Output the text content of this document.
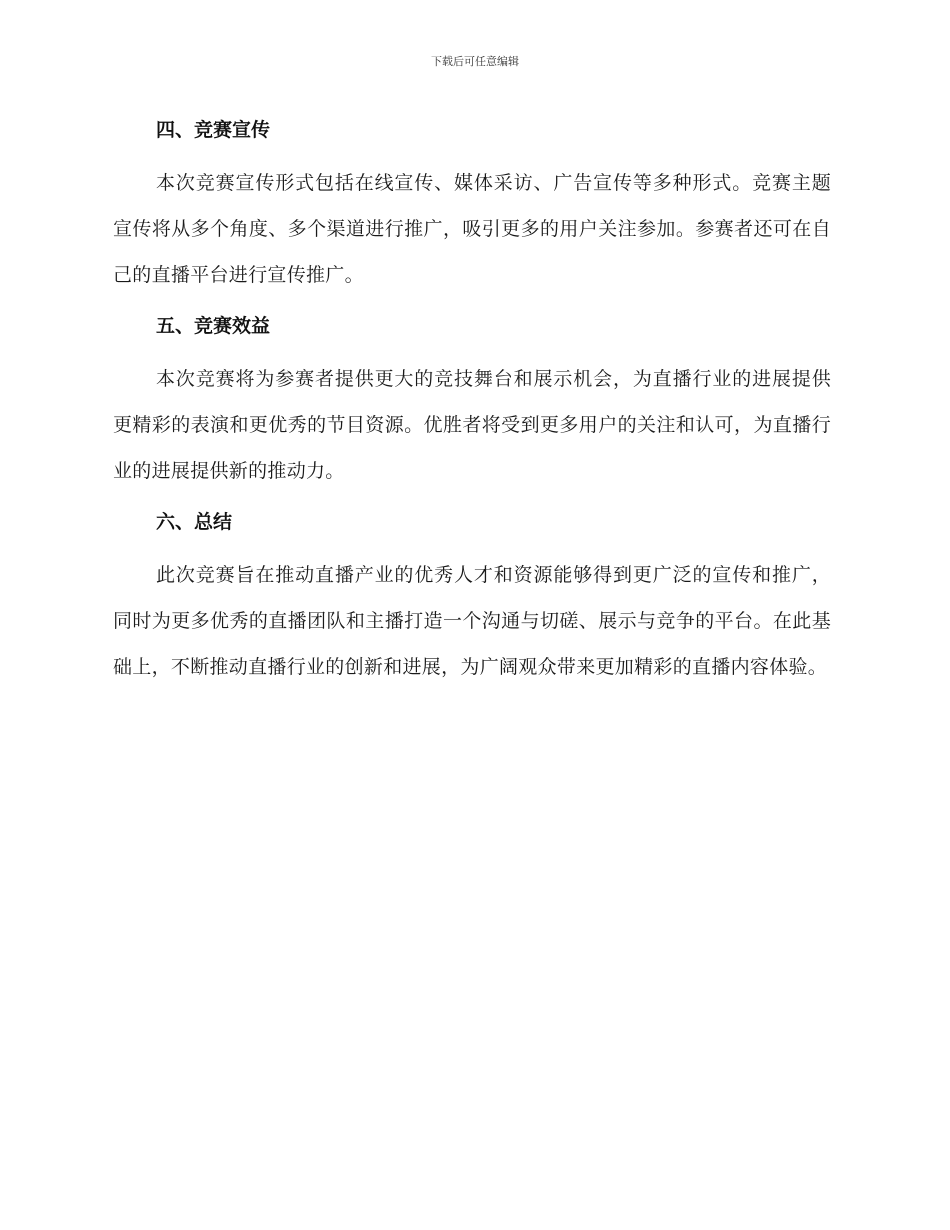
下载后可任意编辑
四、竞赛宣传

本次竞赛宣传形式包括在线宣传、媒体采访、广告宣传等多种形式。竞赛主题宣传将从多个角度、多个渠道进行推广，吸引更多的用户关注参加。参赛者还可在自己的直播平台进行宣传推广。

五、竞赛效益

本次竞赛将为参赛者提供更大的竞技舞台和展示机会，为直播行业的进展提供更精彩的表演和更优秀的节目资源。优胜者将受到更多用户的关注和认可，为直播行业的进展提供新的推动力。

六、总结

此次竞赛旨在推动直播产业的优秀人才和资源能够得到更广泛的宣传和推广，同时为更多优秀的直播团队和主播打造一个沟通与切磋、展示与竞争的平台。在此基础上，不断推动直播行业的创新和进展，为广阔观众带来更加精彩的直播内容体验。
